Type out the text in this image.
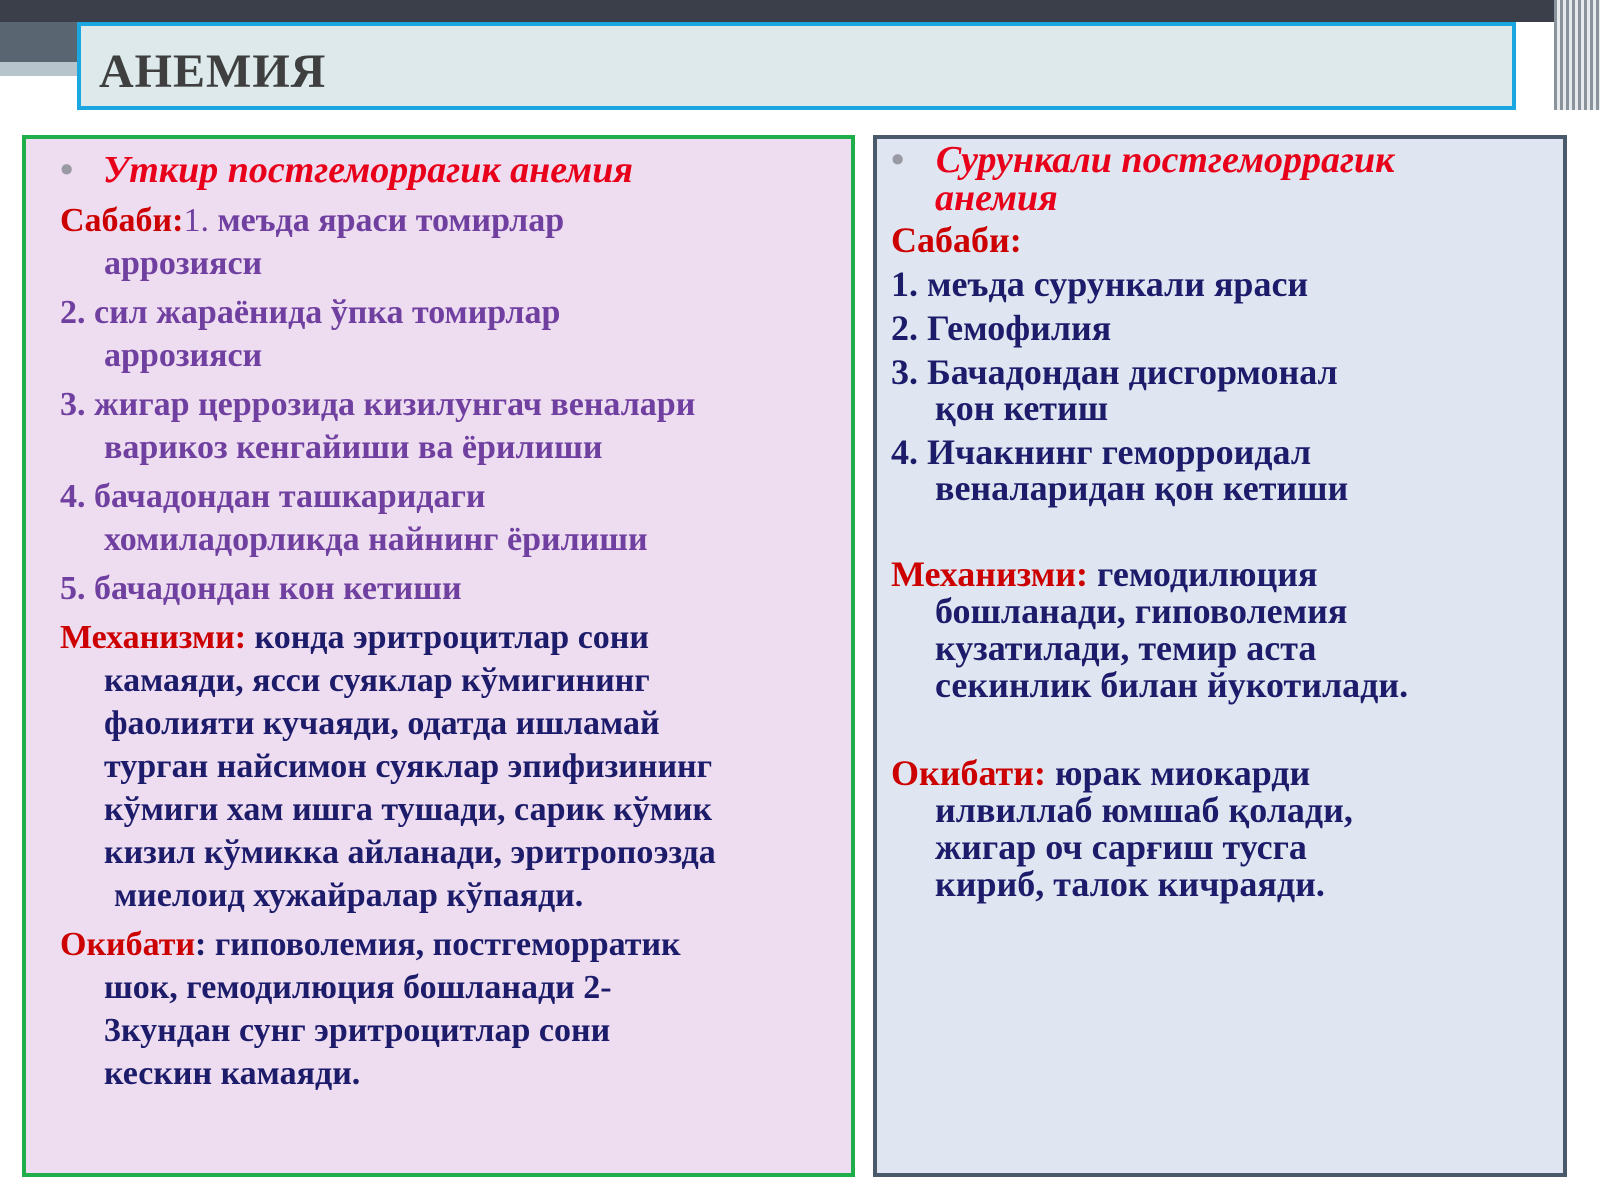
АНЕМИЯ
• Уткир постгеморрагик анемия
Сабаби:1. меъда яраси томирлар
аррозияси
2. сил жараёнида ўпка томирлар
аррозияси
3. жигар церрозида кизилунгач веналари
варикоз кенгайиши ва ёрилиши
4. бачадондан ташкаридаги
хомиладорликда найнинг ёрилиши
5. бачадондан кон кетиши
Механизми: конда эритроцитлар сони
камаяди, ясси суяклар кўмигининг
фаолияти кучаяди, одатда ишламай
турган найсимон суяклар эпифизининг
кўмиги хам ишга тушади, сарик кўмик
кизил кўмикка айланади, эритропоэзда
миелоид хужайралар кўпаяди.
Окибати: гиповолемия, постгеморратик
шок, гемодилюция бошланади 2-
3кундан сунг эритроцитлар сони
кескин камаяди.
• Сурункали постгеморрагик
анемия
Сабаби:
1. меъда сурункали яраси
2. Гемофилия
3. Бачадондан дисгормонал
қон кетиш
4. Ичакнинг геморроидал
веналаридан қон кетиши
Механизми: гемодилюция
бошланади, гиповолемия
кузатилади, темир аста
секинлик билан йукотилади.
Окибати: юрак миокарди
илвиллаб юмшаб қолади,
жигар оч сарғиш тусга
кириб, талок кичраяди.
